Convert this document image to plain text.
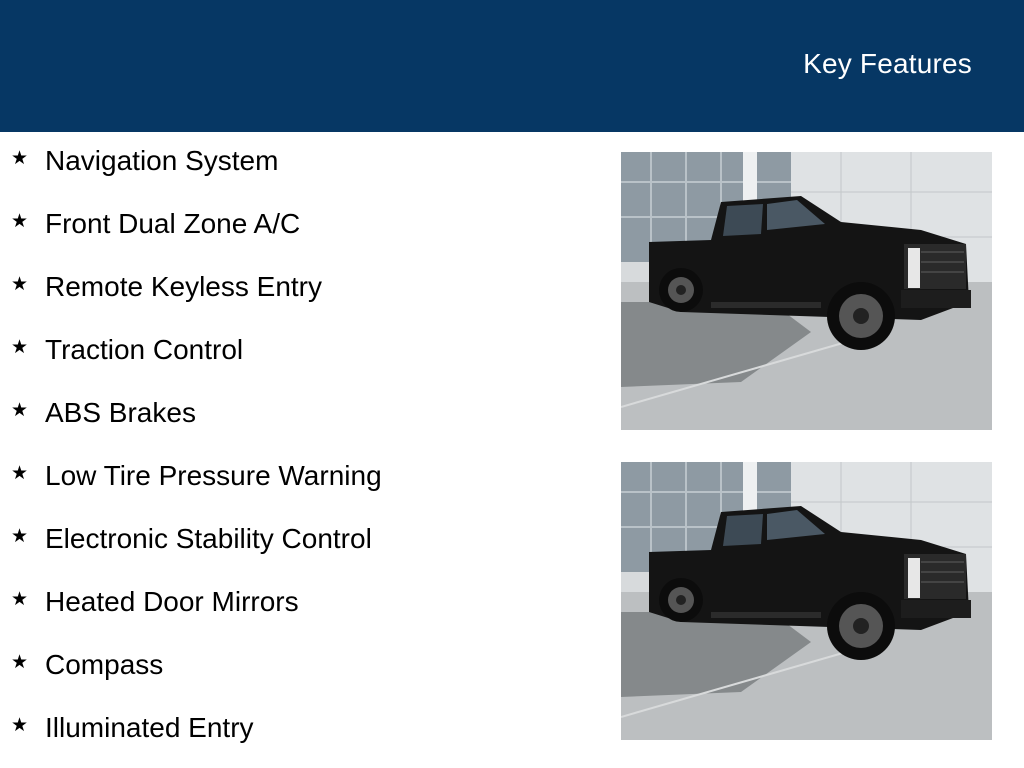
Key Features
★ Navigation System
★ Front Dual Zone A/C
★ Remote Keyless Entry
★ Traction Control
★ ABS Brakes
★ Low Tire Pressure Warning
★ Electronic Stability Control
★ Heated Door Mirrors
★ Compass
★ Illuminated Entry
